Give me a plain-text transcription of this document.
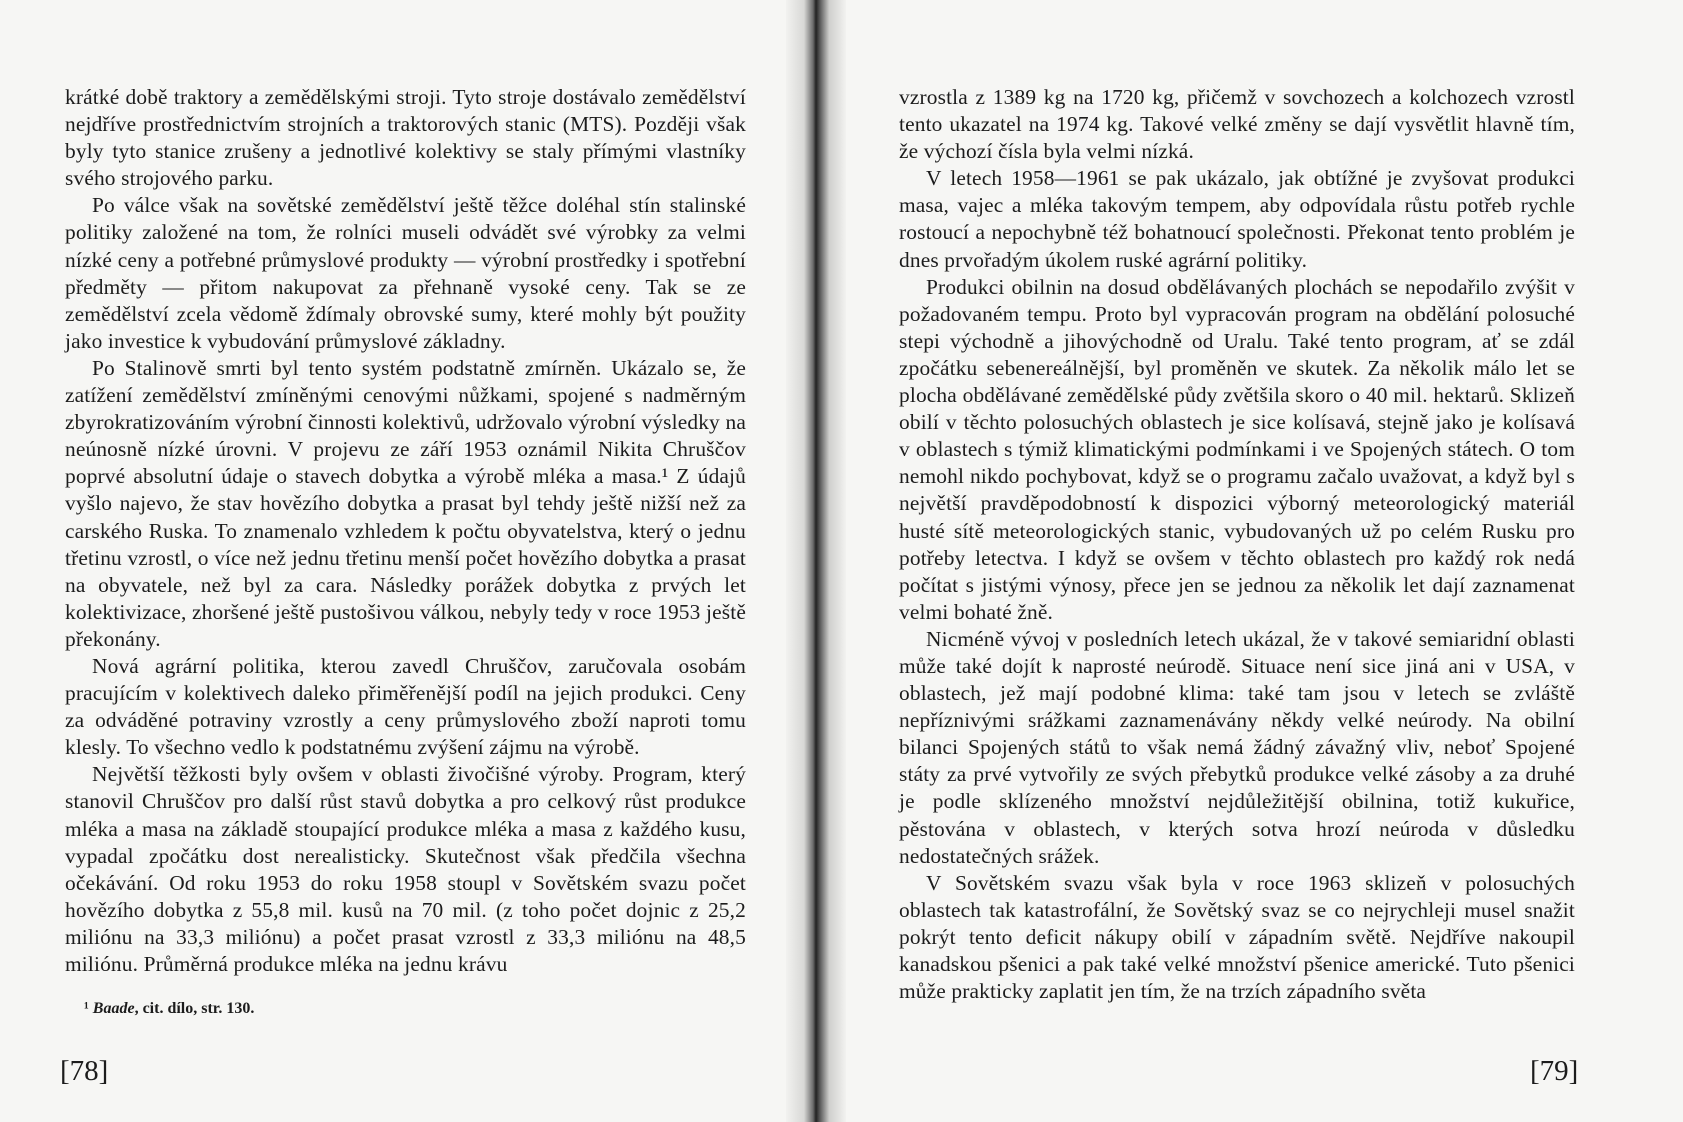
krátké době traktory a zemědělskými stroji. Tyto stroje dostávalo zemědělství nejdříve prostřednictvím strojních a traktorových stanic (MTS). Později však byly tyto stanice zrušeny a jednotlivé kolektivy se staly přímými vlastníky svého strojového parku.

Po válce však na sovětské zemědělství ještě těžce doléhal stín stalinské politiky založené na tom, že rolníci museli odvádět své výrobky za velmi nízké ceny a potřebné průmyslové produkty — výrobní prostředky i spotřební předměty — přitom nakupovat za přehnaně vysoké ceny. Tak se ze zemědělství zcela vědomě ždímaly obrovské sumy, které mohly být použity jako investice k vybudování průmyslové základny.

Po Stalinově smrti byl tento systém podstatně zmírněn. Ukázalo se, že zatížení zemědělství zmíněnými cenovými nůžkami, spojené s nadměrným zbyrokratizováním výrobní činnosti kolektivů, udržovalo výrobní výsledky na neúnosně nízké úrovni. V projevu ze září 1953 oznámil Nikita Chruščov poprvé absolutní údaje o stavech dobytka a výrobě mléka a masa.¹ Z údajů vyšlo najevo, že stav hovězího dobytka a prasat byl tehdy ještě nižší než za carského Ruska. To znamenalo vzhledem k počtu obyvatelstva, který o jednu třetinu vzrostl, o více než jednu třetinu menší počet hovězího dobytka a prasat na obyvatele, než byl za cara. Následky porážek dobytka z prvých let kolektivizace, zhoršené ještě pustošivou válkou, nebyly tedy v roce 1953 ještě překonány.

Nová agrární politika, kterou zavedl Chruščov, zaručovala osobám pracujícím v kolektivech daleko přiměřenější podíl na jejich produkci. Ceny za odváděné potraviny vzrostly a ceny průmyslového zboží naproti tomu klesly. To všechno vedlo k podstatnému zvýšení zájmu na výrobě.

Největší těžkosti byly ovšem v oblasti živočišné výroby. Program, který stanovil Chruščov pro další růst stavů dobytka a pro celkový růst produkce mléka a masa na základě stoupající produkce mléka a masa z každého kusu, vypadal zpočátku dost nerealisticky. Skutečnost však předčila všechna očekávání. Od roku 1953 do roku 1958 stoupl v Sovětském svazu počet hovězího dobytka z 55,8 mil. kusů na 70 mil. (z toho počet dojnic z 25,2 miliónu na 33,3 miliónu) a počet prasat vzrostl z 33,3 miliónu na 48,5 miliónu. Průměrná produkce mléka na jednu krávu

¹ Baade, cit. dílo, str. 130.
[78]

vzrostla z 1389 kg na 1720 kg, přičemž v sovchozech a kolchozech vzrostl tento ukazatel na 1974 kg. Takové velké změny se dají vysvětlit hlavně tím, že výchozí čísla byla velmi nízká.

V letech 1958—1961 se pak ukázalo, jak obtížné je zvyšovat produkci masa, vajec a mléka takovým tempem, aby odpovídala růstu potřeb rychle rostoucí a nepochybně též bohatnoucí společnosti. Překonat tento problém je dnes prvořadým úkolem ruské agrární politiky.

Produkci obilnin na dosud obdělávaných plochách se nepodařilo zvýšit v požadovaném tempu. Proto byl vypracován program na obdělání polosuché stepi východně a jihovýchodně od Uralu. Také tento program, ať se zdál zpočátku sebenereálnější, byl proměněn ve skutek. Za několik málo let se plocha obdělávané zemědělské půdy zvětšila skoro o 40 mil. hektarů. Sklizeň obilí v těchto polosuchých oblastech je sice kolísavá, stejně jako je kolísavá v oblastech s týmiž klimatickými podmínkami i ve Spojených státech. O tom nemohl nikdo pochybovat, když se o programu začalo uvažovat, a když byl s největší pravděpodobností k dispozici výborný meteorologický materiál husté sítě meteorologických stanic, vybudovaných už po celém Rusku pro potřeby letectva. I když se ovšem v těchto oblastech pro každý rok nedá počítat s jistými výnosy, přece jen se jednou za několik let dají zaznamenat velmi bohaté žně.

Nicméně vývoj v posledních letech ukázal, že v takové semiaridní oblasti může také dojít k naprosté neúrodě. Situace není sice jiná ani v USA, v oblastech, jež mají podobné klima: také tam jsou v letech se zvláště nepříznivými srážkami zaznamenávány někdy velké neúrody. Na obilní bilanci Spojených států to však nemá žádný závažný vliv, neboť Spojené státy za prvé vytvořily ze svých přebytků produkce velké zásoby a za druhé je podle sklízeného množství nejdůležitější obilnina, totiž kukuřice, pěstována v oblastech, v kterých sotva hrozí neúroda v důsledku nedostatečných srážek.

V Sovětském svazu však byla v roce 1963 sklizeň v polosuchých oblastech tak katastrofální, že Sovětský svaz se co nejrychleji musel snažit pokrýt tento deficit nákupy obilí v západním světě. Nejdříve nakoupil kanadskou pšenici a pak také velké množství pšenice americké. Tuto pšenici může prakticky zaplatit jen tím, že na trzích západního světa

[79]
